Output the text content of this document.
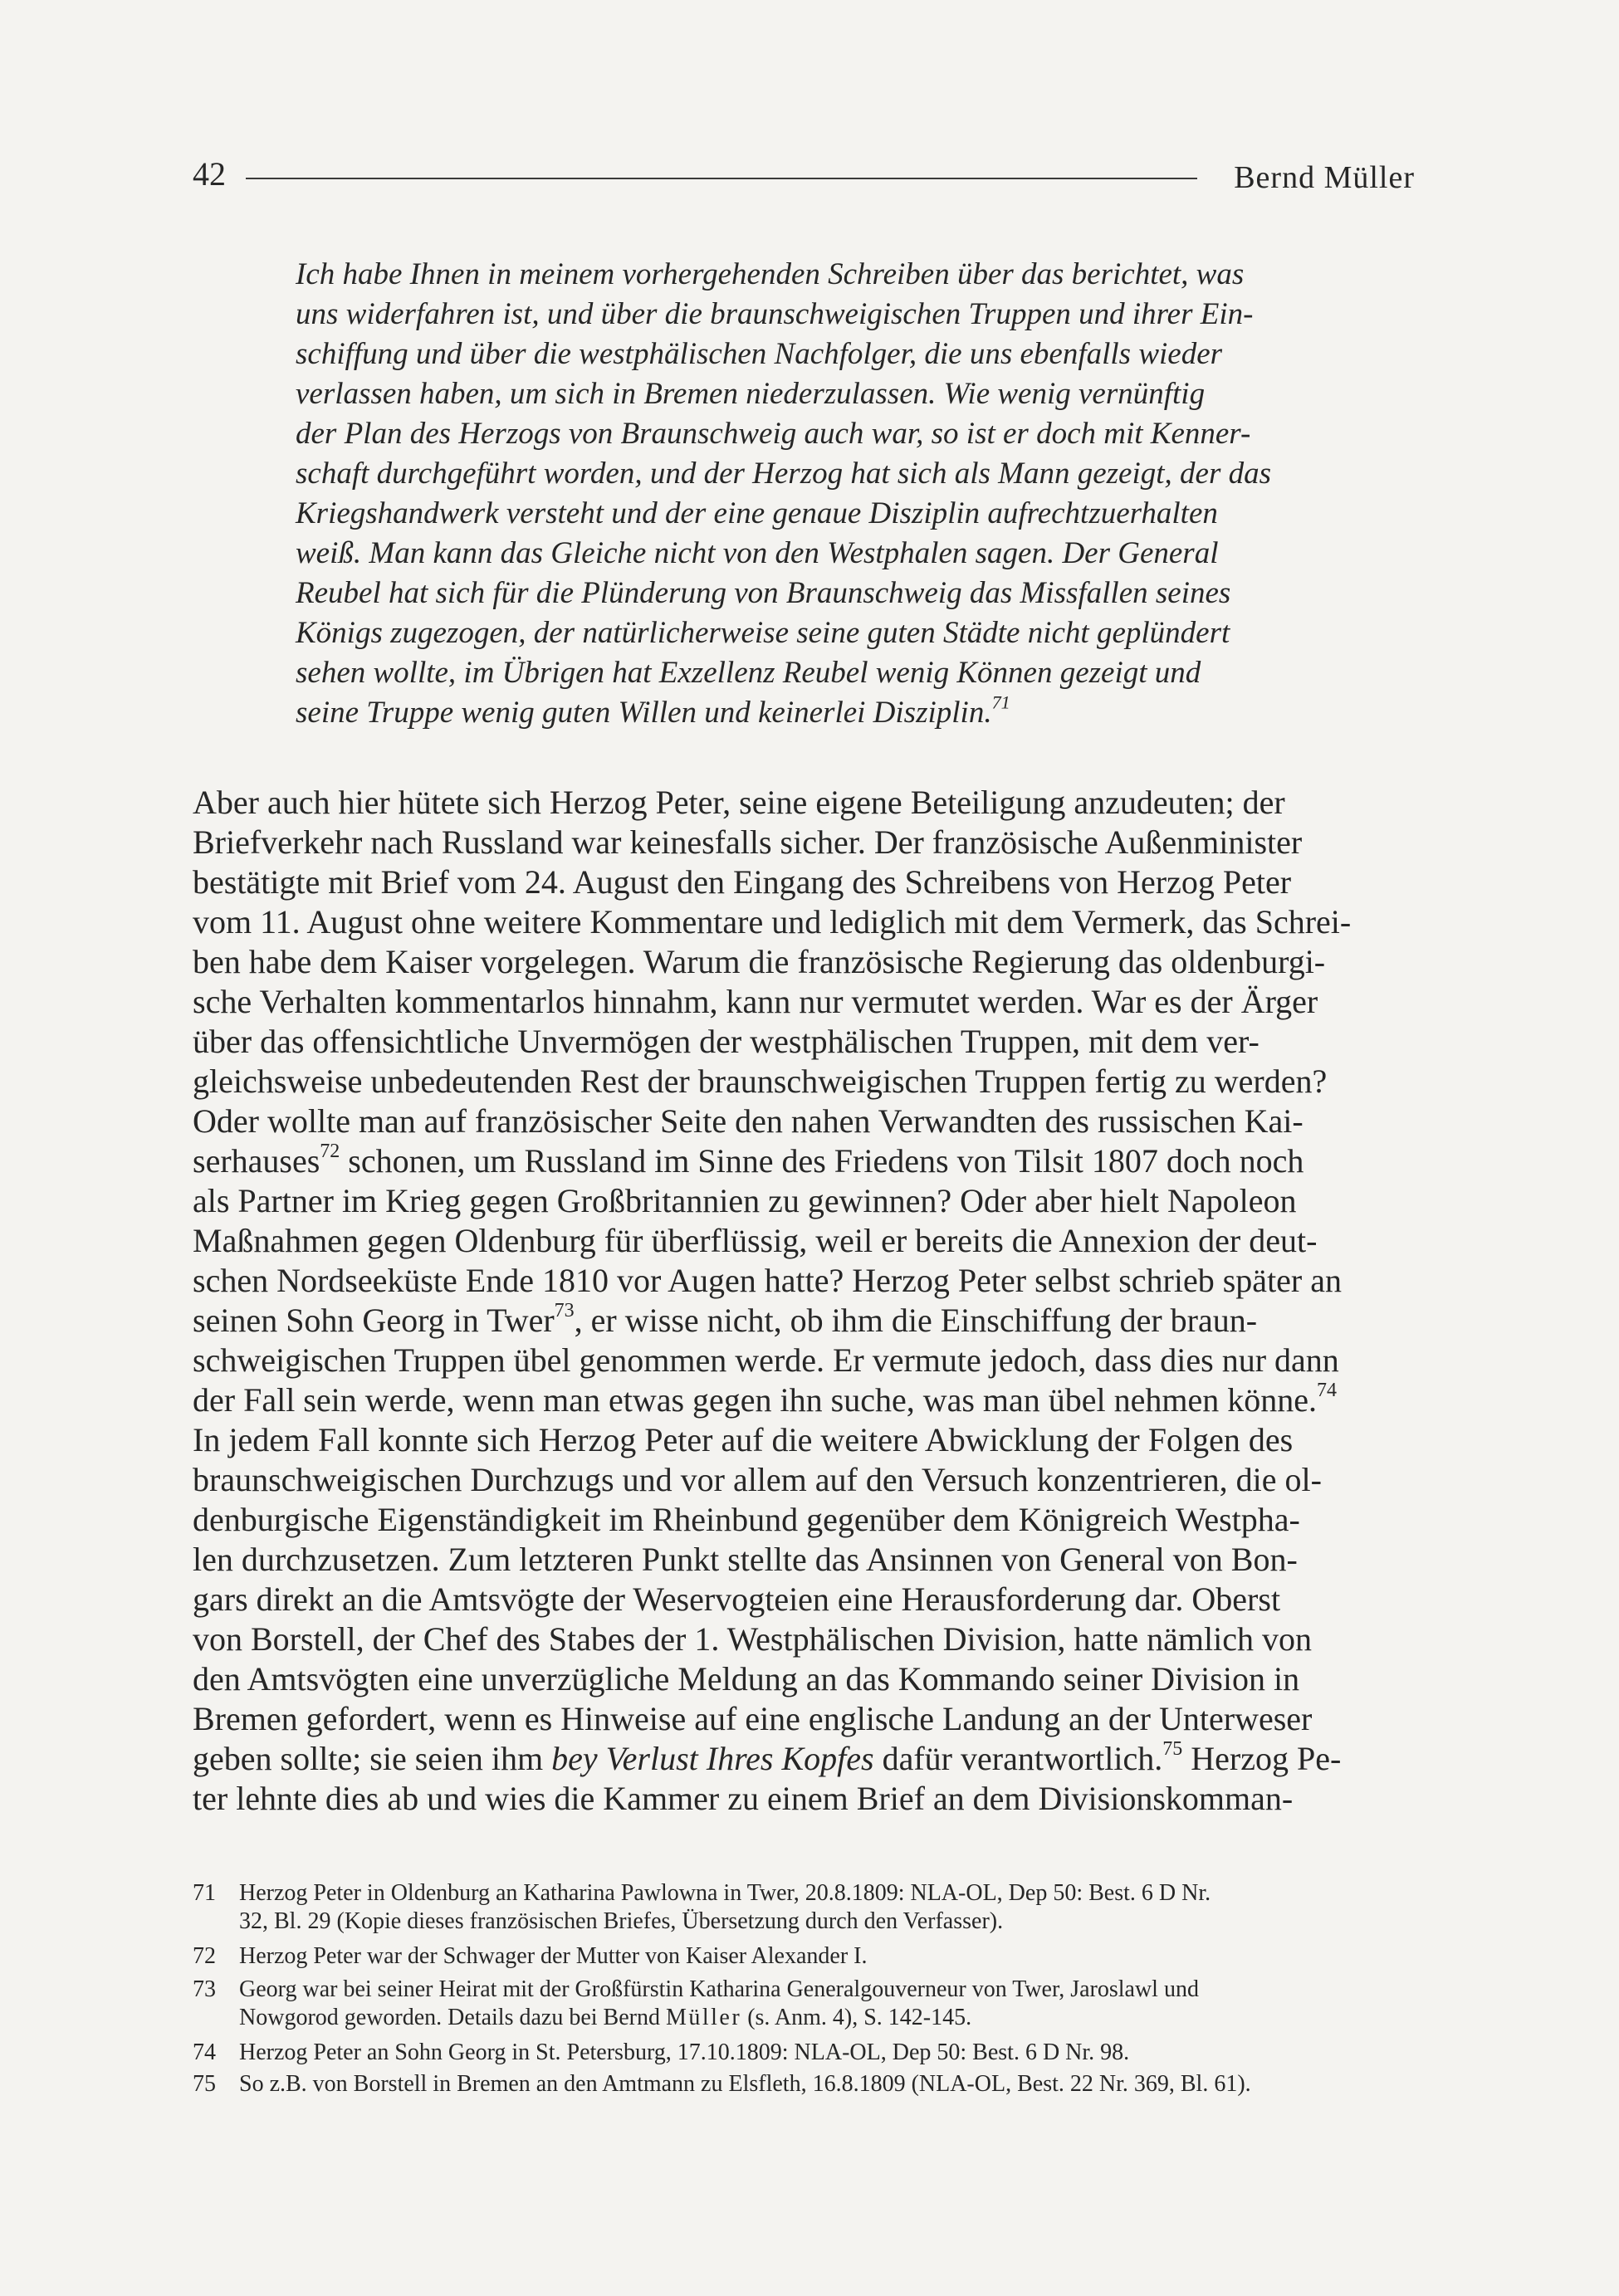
42	Bernd Müller
Ich habe Ihnen in meinem vorhergehenden Schreiben über das berichtet, was
uns widerfahren ist, und über die braunschweigischen Truppen und ihrer Ein-
schiffung und über die westphälischen Nachfolger, die uns ebenfalls wieder
verlassen haben, um sich in Bremen niederzulassen. Wie wenig vernünftig
der Plan des Herzogs von Braunschweig auch war, so ist er doch mit Kenner-
schaft durchgeführt worden, und der Herzog hat sich als Mann gezeigt, der das
Kriegshandwerk versteht und der eine genaue Disziplin aufrechtzuerhalten
weiß. Man kann das Gleiche nicht von den Westphalen sagen. Der General
Reubel hat sich für die Plünderung von Braunschweig das Missfallen seines
Königs zugezogen, der natürlicherweise seine guten Städte nicht geplündert
sehen wollte, im Übrigen hat Exzellenz Reubel wenig Können gezeigt und
seine Truppe wenig guten Willen und keinerlei Disziplin.$^{71}$
Aber auch hier hütete sich Herzog Peter, seine eigene Beteiligung anzudeuten; der
Briefverkehr nach Russland war keinesfalls sicher. Der französische Außenminister
bestätigte mit Brief vom 24. August den Eingang des Schreibens von Herzog Peter
vom 11. August ohne weitere Kommentare und lediglich mit dem Vermerk, das Schrei-
ben habe dem Kaiser vorgelegen. Warum die französische Regierung das oldenburgi-
sche Verhalten kommentarlos hinnahm, kann nur vermutet werden. War es der Ärger
über das offensichtliche Unvermögen der westphälischen Truppen, mit dem ver-
gleichsweise unbedeutenden Rest der braunschweigischen Truppen fertig zu werden?
Oder wollte man auf französischer Seite den nahen Verwandten des russischen Kai-
serhauses$^{72}$ schonen, um Russland im Sinne des Friedens von Tilsit 1807 doch noch
als Partner im Krieg gegen Großbritannien zu gewinnen? Oder aber hielt Napoleon
Maßnahmen gegen Oldenburg für überflüssig, weil er bereits die Annexion der deut-
schen Nordseeküste Ende 1810 vor Augen hatte? Herzog Peter selbst schrieb später an
seinen Sohn Georg in Twer$^{73}$, er wisse nicht, ob ihm die Einschiffung der braun-
schweigischen Truppen übel genommen werde. Er vermute jedoch, dass dies nur dann
der Fall sein werde, wenn man etwas gegen ihn suche, was man übel nehmen könne.$^{74}$
In jedem Fall konnte sich Herzog Peter auf die weitere Abwicklung der Folgen des
braunschweigischen Durchzugs und vor allem auf den Versuch konzentrieren, die ol-
denburgische Eigenständigkeit im Rheinbund gegenüber dem Königreich Westpha-
len durchzusetzen. Zum letzteren Punkt stellte das Ansinnen von General von Bon-
gars direkt an die Amtsvögte der Weservogteien eine Herausforderung dar. Oberst
von Borstell, der Chef des Stabes der 1. Westphälischen Division, hatte nämlich von
den Amtsvögten eine unverzügliche Meldung an das Kommando seiner Division in
Bremen gefordert, wenn es Hinweise auf eine englische Landung an der Unterweser
geben sollte; sie seien ihm bey Verlust Ihres Kopfes dafür verantwortlich.$^{75}$ Herzog Pe-
ter lehnte dies ab und wies die Kammer zu einem Brief an dem Divisionskomman-
71 Herzog Peter in Oldenburg an Katharina Pawlowna in Twer, 20.8.1809: NLA-OL, Dep 50: Best. 6 D Nr.
32, Bl. 29 (Kopie dieses französischen Briefes, Übersetzung durch den Verfasser).
72 Herzog Peter war der Schwager der Mutter von Kaiser Alexander I.
73 Georg war bei seiner Heirat mit der Großfürstin Katharina Generalgouverneur von Twer, Jaroslawl und
Nowgorod geworden. Details dazu bei Bernd Müller (s. Anm. 4), S. 142-145.
74 Herzog Peter an Sohn Georg in St. Petersburg, 17.10.1809: NLA-OL, Dep 50: Best. 6 D Nr. 98.
75 So z.B. von Borstell in Bremen an den Amtmann zu Elsfleth, 16.8.1809 (NLA-OL, Best. 22 Nr. 369, Bl. 61).
